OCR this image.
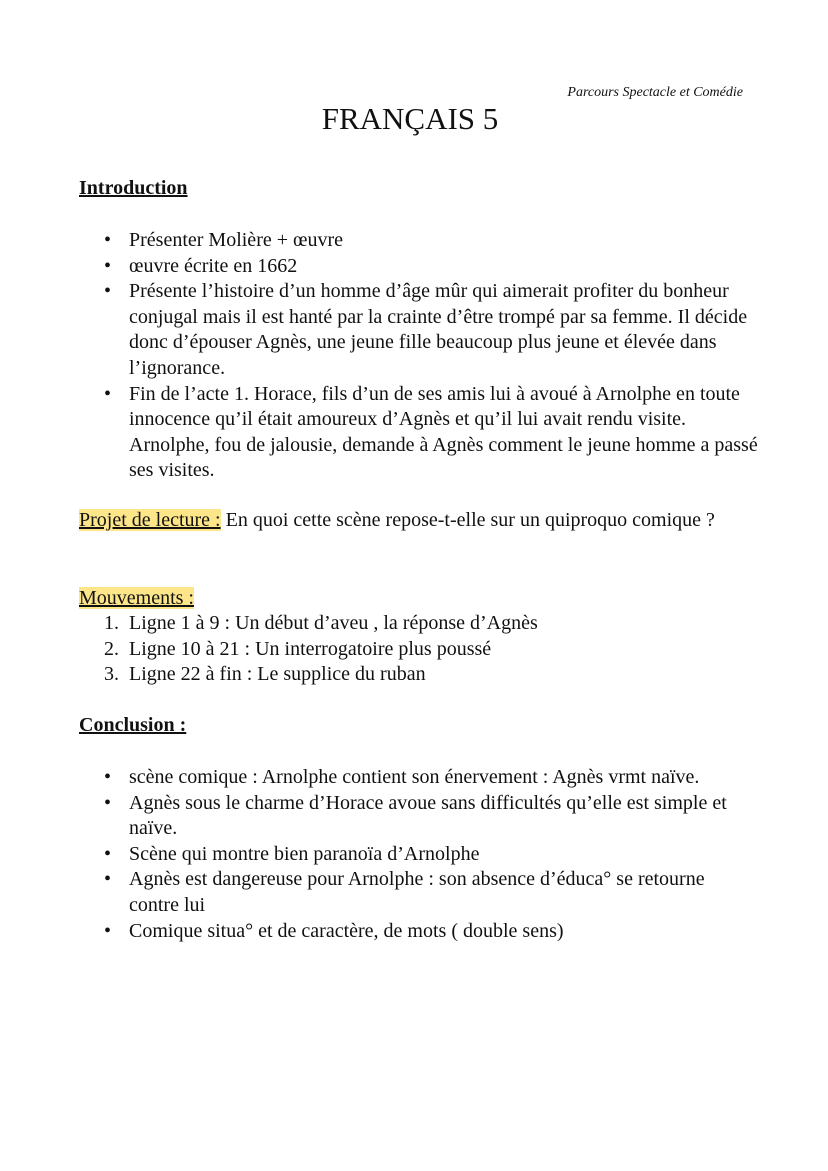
Parcours Spectacle et Comédie
FRANÇAIS 5
Introduction
• Présenter Molière + œuvre
• œuvre écrite en 1662
• Présente l’histoire d’un homme d’âge mûr qui aimerait profiter du bonheur conjugal mais il est hanté par la crainte d’être trompé par sa femme. Il décide donc d’épouser Agnès, une jeune fille beaucoup plus jeune et élevée dans l’ignorance.
• Fin de l’acte 1. Horace, fils d’un de ses amis lui à avoué à Arnolphe en toute innocence qu’il était amoureux d’Agnès et qu’il lui avait rendu visite. Arnolphe, fou de jalousie, demande à Agnès comment le jeune homme a passé ses visites.
Projet de lecture : En quoi cette scène repose-t-elle sur un quiproquo comique ?
Mouvements :
1. Ligne 1 à 9 : Un début d’aveu , la réponse d’Agnès
2. Ligne 10 à 21 : Un interrogatoire plus poussé
3. Ligne 22 à fin : Le supplice du ruban
Conclusion :
• scène comique : Arnolphe contient son énervement : Agnès vrmt naïve.
• Agnès sous le charme d’Horace avoue sans difficultés qu’elle est simple et naïve.
• Scène qui montre bien paranoïa d’Arnolphe
• Agnès est dangereuse pour Arnolphe : son absence d’éduca° se retourne contre lui
• Comique situa° et de caractère, de mots ( double sens)
